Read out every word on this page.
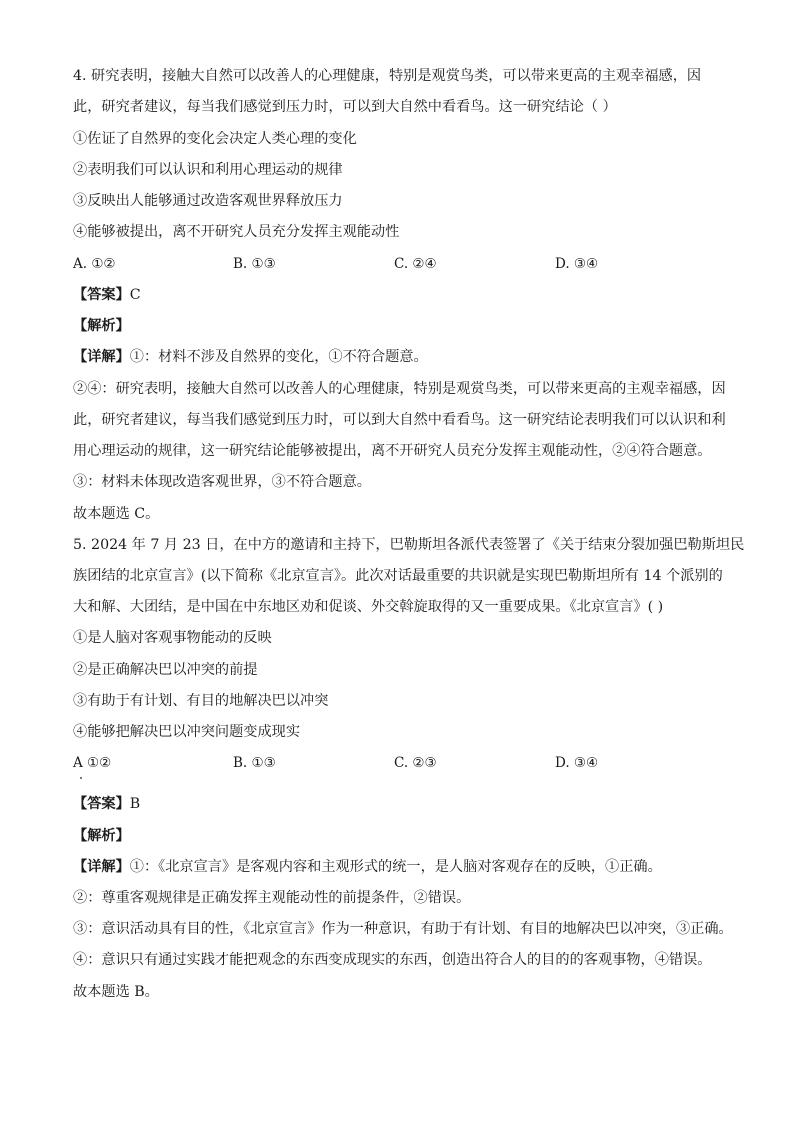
4. 研究表明，接触大自然可以改善人的心理健康，特别是观赏鸟类，可以带来更高的主观幸福感，因
此，研究者建议，每当我们感觉到压力时，可以到大自然中看看鸟。这一研究结论（ ）
①佐证了自然界的变化会决定人类心理的变化
②表明我们可以认识和利用心理运动的规律
③反映出人能够通过改造客观世界释放压力
④能够被提出，离不开研究人员充分发挥主观能动性
A. ①②	B. ①③	C. ②④	D. ③④
【答案】C
【解析】
【详解】①：材料不涉及自然界的变化，①不符合题意。
②④：研究表明，接触大自然可以改善人的心理健康，特别是观赏鸟类，可以带来更高的主观幸福感，因
此，研究者建议，每当我们感觉到压力时，可以到大自然中看看鸟。这一研究结论表明我们可以认识和利
用心理运动的规律，这一研究结论能够被提出，离不开研究人员充分发挥主观能动性，②④符合题意。
③：材料未体现改造客观世界，③不符合题意。
故本题选 C。
5. 2024 年 7 月 23 日，在中方的邀请和主持下，巴勒斯坦各派代表签署了《关于结束分裂加强巴勒斯坦民
族团结的北京宣言》(以下简称《北京宣言》。此次对话最重要的共识就是实现巴勒斯坦所有 14 个派别的
大和解、大团结，是中国在中东地区劝和促谈、外交斡旋取得的又一重要成果。《北京宣言》( )
①是人脑对客观事物能动的反映
②是正确解决巴以冲突的前提
③有助于有计划、有目的地解决巴以冲突
④能够把解决巴以冲突问题变成现实
A ①②	B. ①③	C. ②③	D. ③④
【答案】B
【解析】
【详解】①：《北京宣言》是客观内容和主观形式的统一，是人脑对客观存在的反映，①正确。
②：尊重客观规律是正确发挥主观能动性的前提条件，②错误。
③：意识活动具有目的性，《北京宣言》作为一种意识，有助于有计划、有目的地解决巴以冲突，③正确。
④：意识只有通过实践才能把观念的东西变成现实的东西，创造出符合人的目的的客观事物，④错误。
故本题选 B。
